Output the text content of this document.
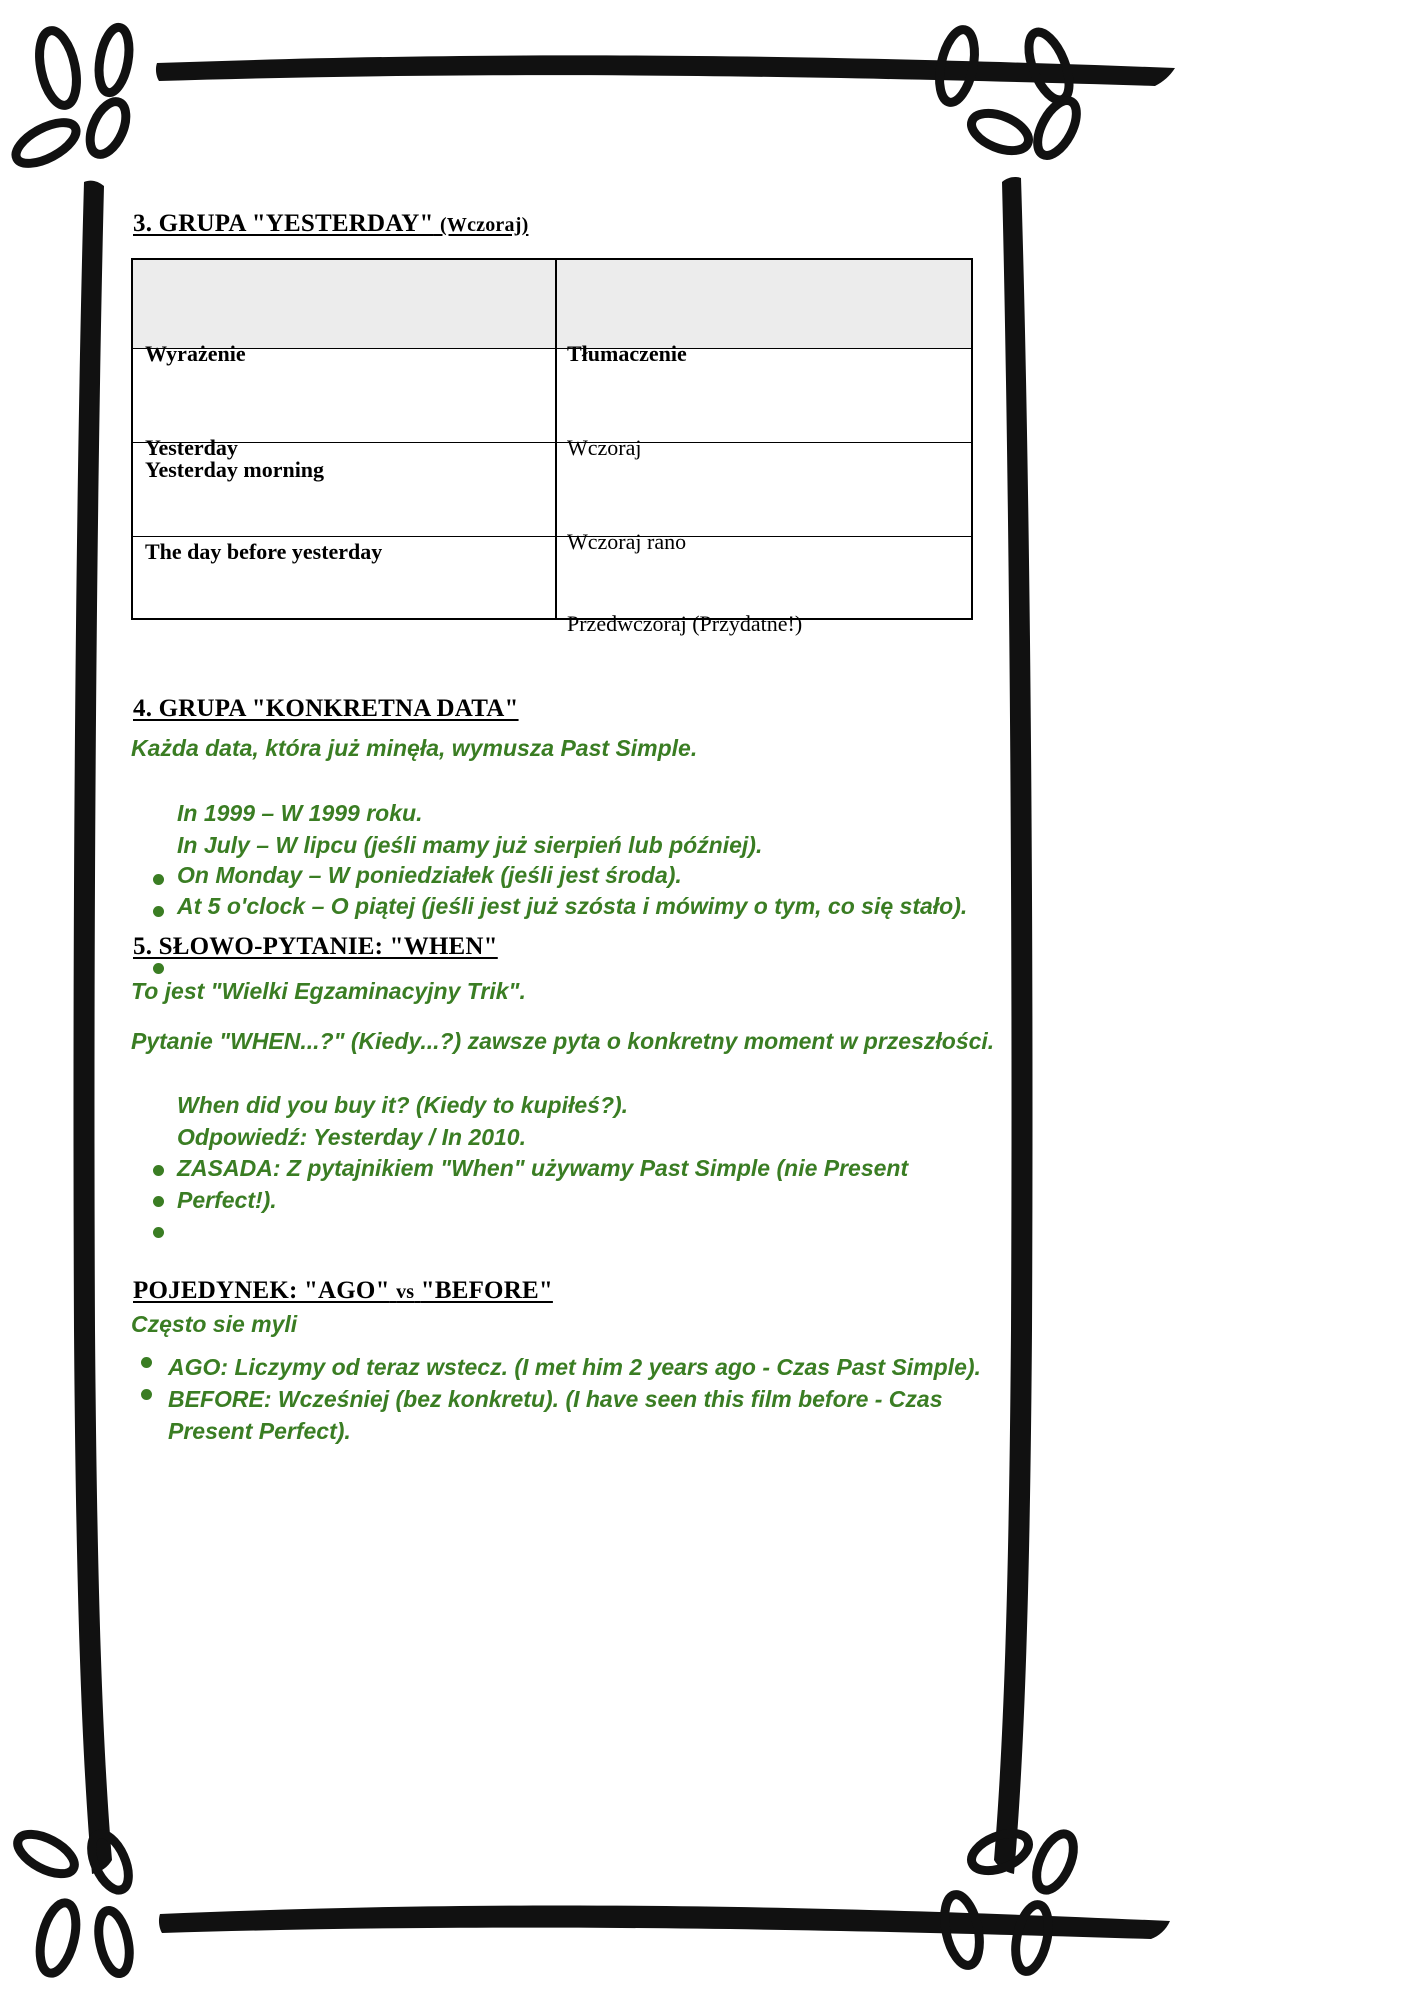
3. GRUPA "YESTERDAY" (Wczoraj)
Wyrażenie	Tłumaczenie
Yesterday	Wczoraj
Yesterday morning
Wczoraj rano
The day before yesterday
Przedwczoraj (Przydatne!)
4. GRUPA "KONKRETNA DATA"
Każda data, która już minęła, wymusza Past Simple.
In 1999 – W 1999 roku.
In July – W lipcu (jeśli mamy już sierpień lub później).
On Monday – W poniedziałek (jeśli jest środa).
At 5 o'clock – O piątej (jeśli jest już szósta i mówimy o tym, co się stało).
5. SŁOWO-PYTANIE: "WHEN"
To jest "Wielki Egzaminacyjny Trik".
Pytanie "WHEN...?" (Kiedy...?) zawsze pyta o konkretny moment w przeszłości.
When did you buy it? (Kiedy to kupiłeś?).
Odpowiedź: Yesterday / In 2010.
ZASADA: Z pytajnikiem "When" używamy Past Simple (nie Present
Perfect!).
POJEDYNEK: "AGO" vs "BEFORE"
Często sie myli
AGO: Liczymy od teraz wstecz. (I met him 2 years ago - Czas Past Simple).
BEFORE: Wcześniej (bez konkretu). (I have seen this film before - Czas
Present Perfect).
